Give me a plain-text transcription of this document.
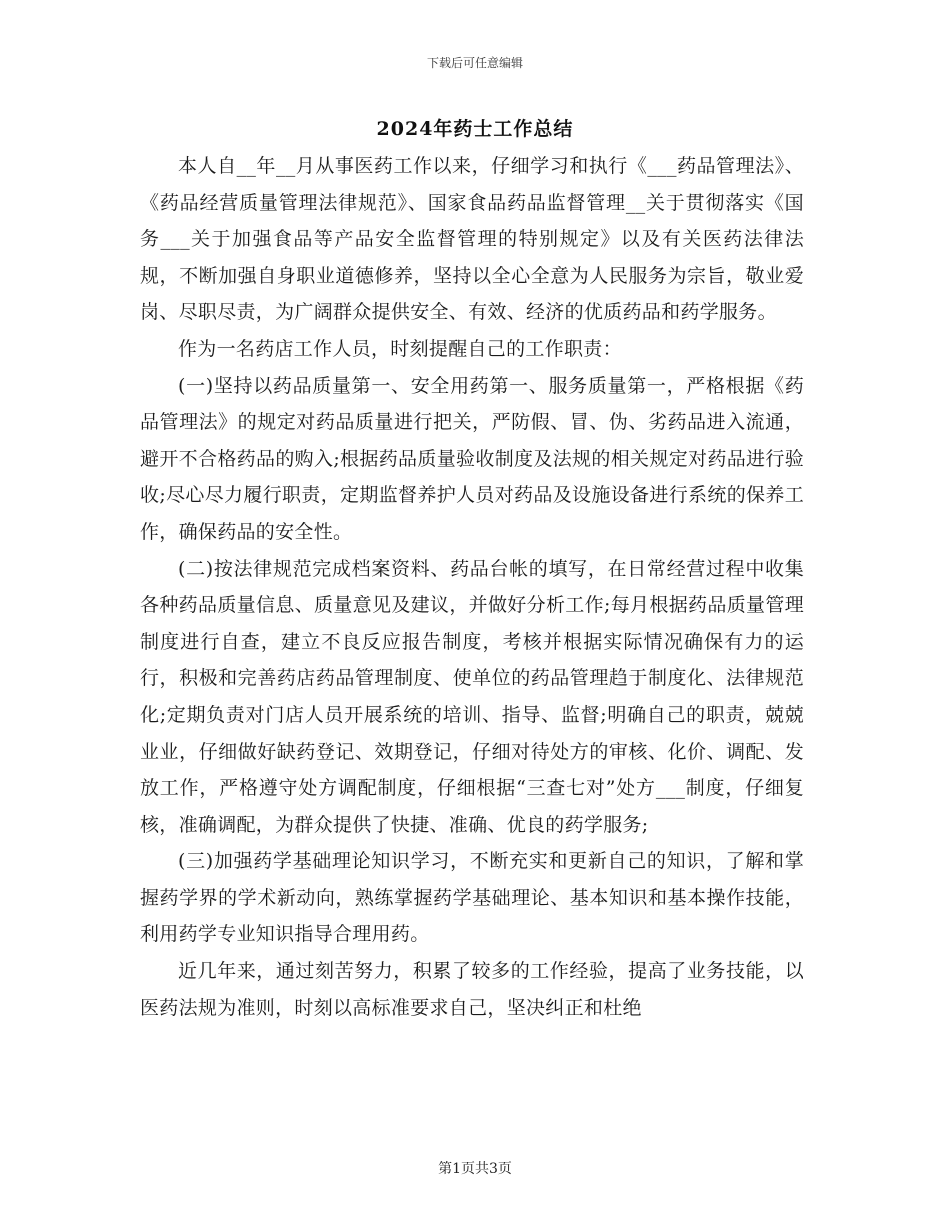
下载后可任意编辑
2024年药士工作总结

本人自__年__月从事医药工作以来，仔细学习和执行《___药品管理法》、《药品经营质量管理法律规范》、国家食品药品监督管理__关于贯彻落实《国务___关于加强食品等产品安全监督管理的特别规定》以及有关医药法律法规，不断加强自身职业道德修养，坚持以全心全意为人民服务为宗旨，敬业爱岗、尽职尽责，为广阔群众提供安全、有效、经济的优质药品和药学服务。

作为一名药店工作人员，时刻提醒自己的工作职责：

(一)坚持以药品质量第一、安全用药第一、服务质量第一，严格根据《药品管理法》的规定对药品质量进行把关，严防假、冒、伪、劣药品进入流通，避开不合格药品的购入;根据药品质量验收制度及法规的相关规定对药品进行验收;尽心尽力履行职责，定期监督养护人员对药品及设施设备进行系统的保养工作，确保药品的安全性。

(二)按法律规范完成档案资料、药品台帐的填写，在日常经营过程中收集各种药品质量信息、质量意见及建议，并做好分析工作;每月根据药品质量管理制度进行自查，建立不良反应报告制度，考核并根据实际情况确保有力的运行，积极和完善药店药品管理制度、使单位的药品管理趋于制度化、法律规范化;定期负责对门店人员开展系统的培训、指导、监督;明确自己的职责，兢兢业业，仔细做好缺药登记、效期登记，仔细对待处方的审核、化价、调配、发放工作，严格遵守处方调配制度，仔细根据“三查七对”处方___制度，仔细复核，准确调配，为群众提供了快捷、准确、优良的药学服务;

(三)加强药学基础理论知识学习，不断充实和更新自己的知识，了解和掌握药学界的学术新动向，熟练掌握药学基础理论、基本知识和基本操作技能，利用药学专业知识指导合理用药。

近几年来，通过刻苦努力，积累了较多的工作经验，提高了业务技能，以医药法规为准则，时刻以高标准要求自己，坚决纠正和杜绝

第1页共3页
